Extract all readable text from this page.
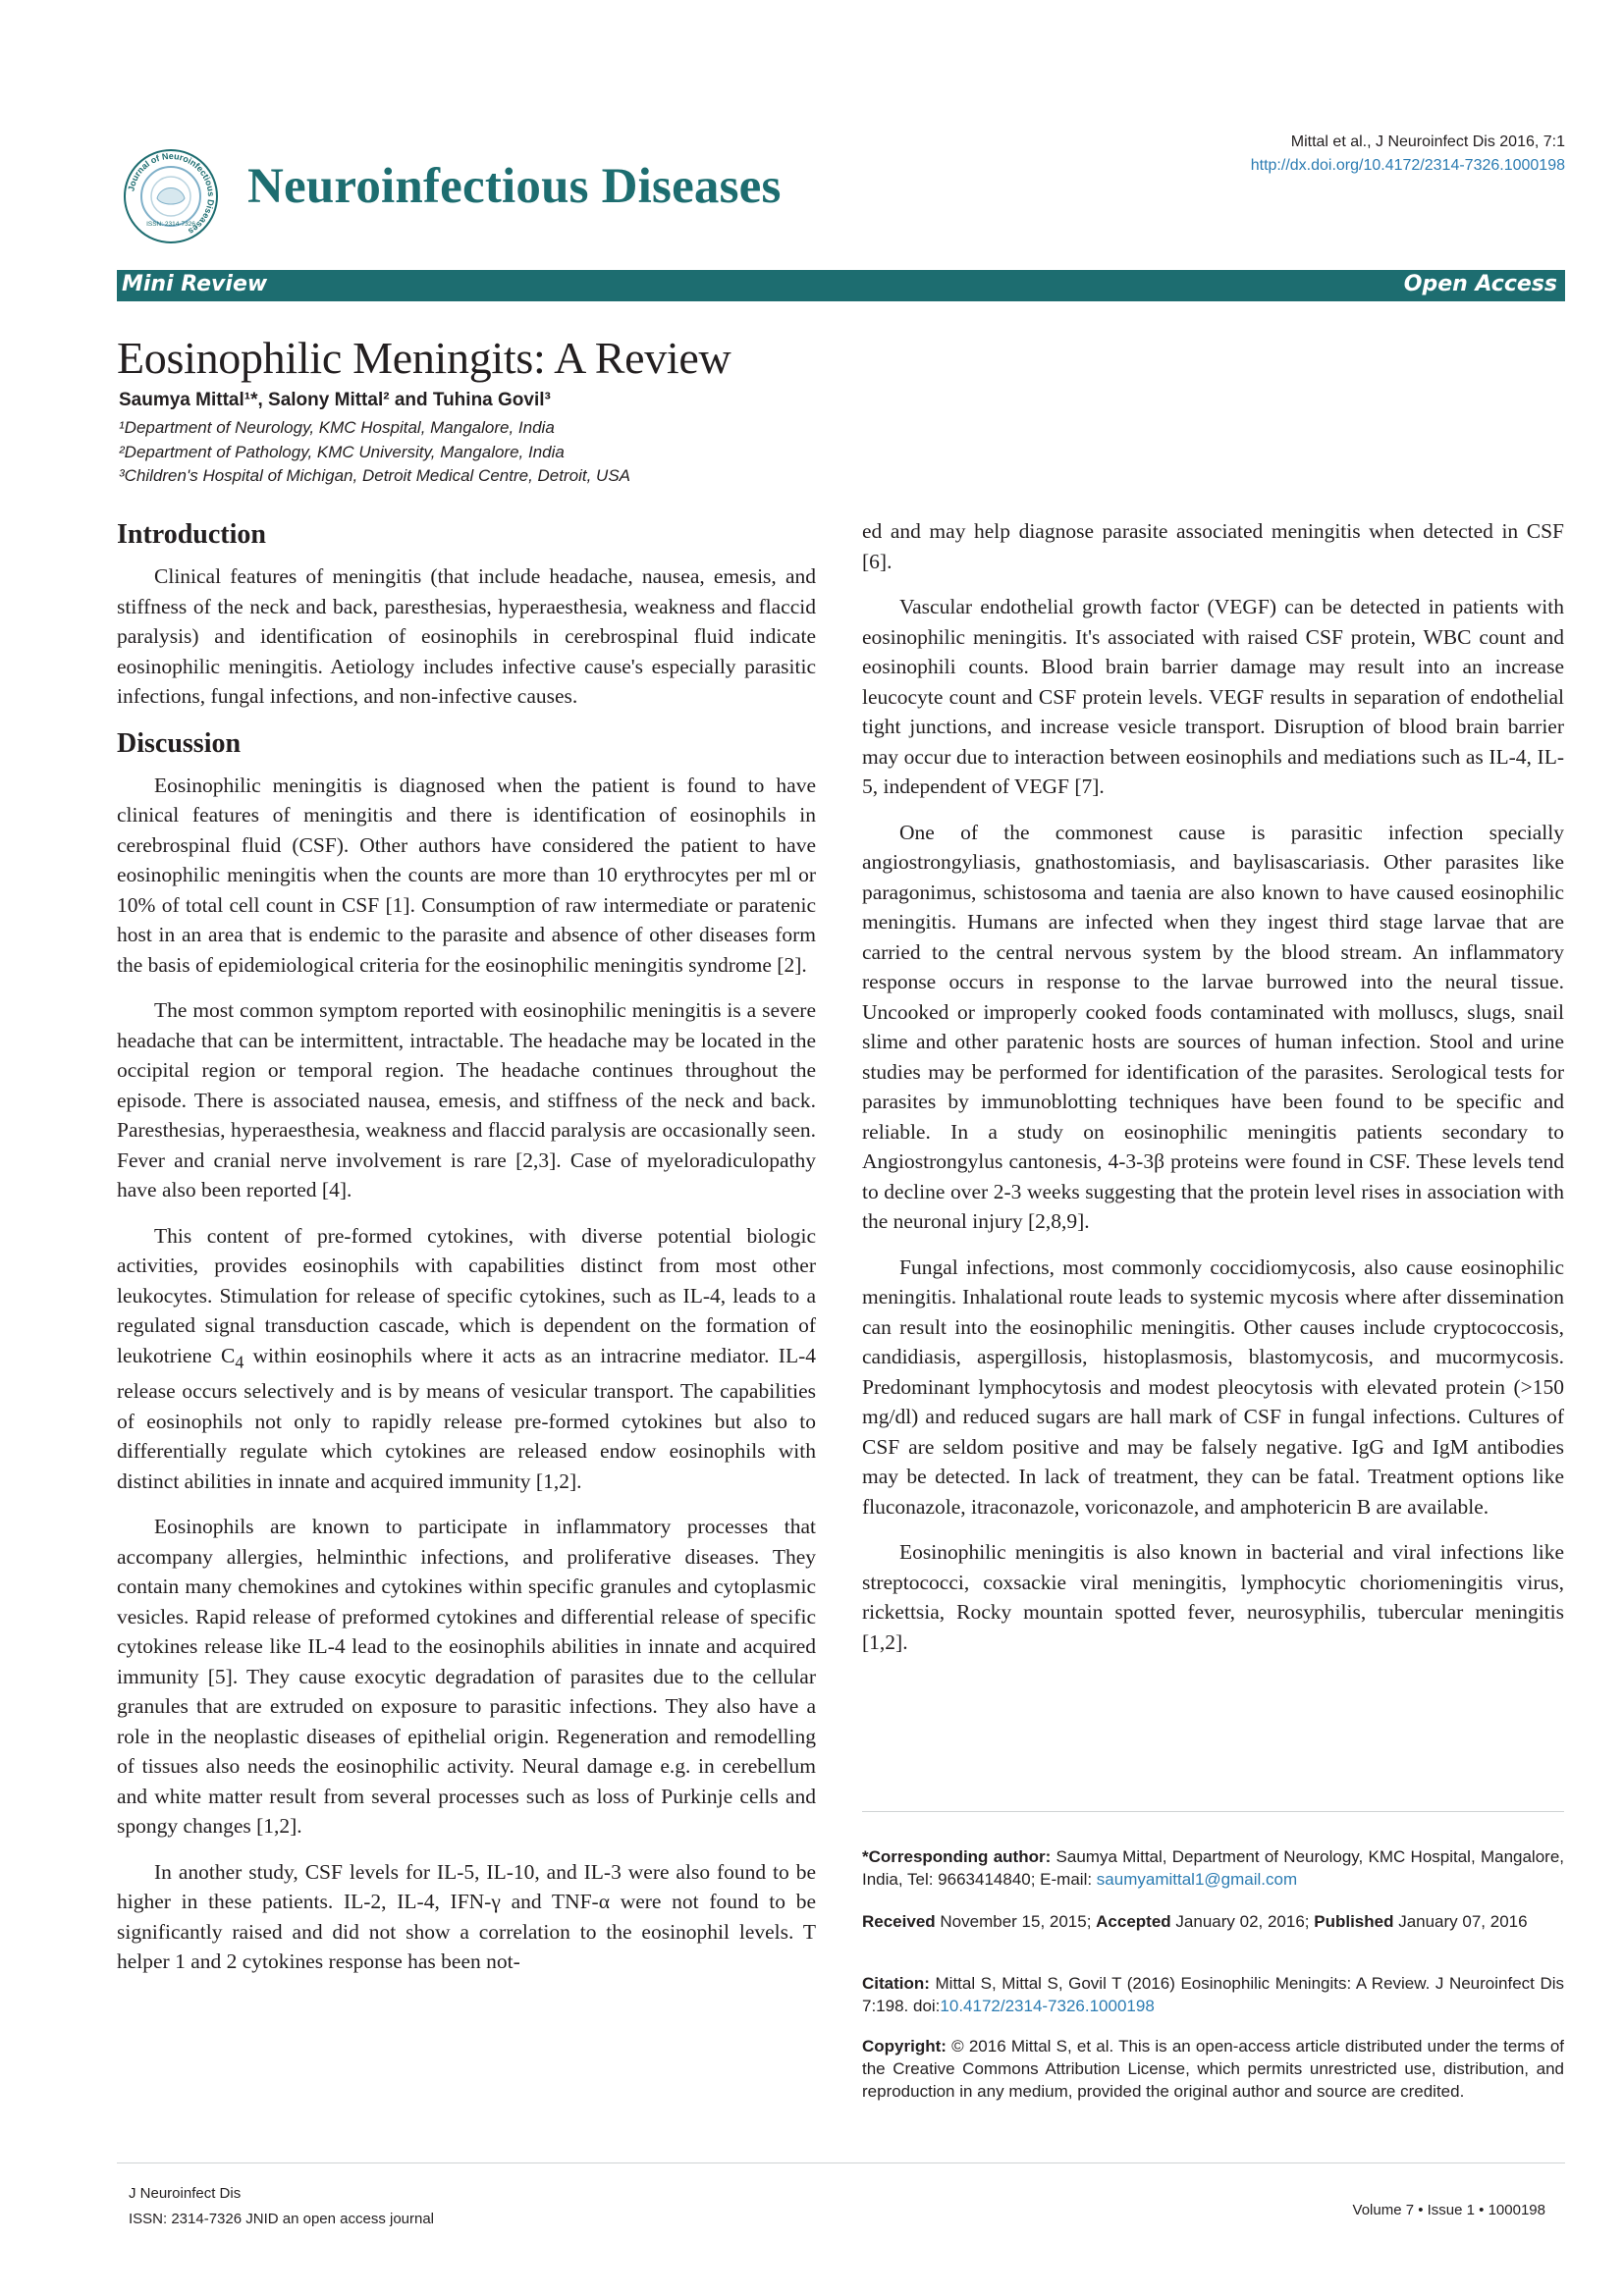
Journal of Neuroinfectious Diseases
ISSN: 2314-7326
Neuroinfectious Diseases
Mittal et al., J Neuroinfect Dis 2016, 7:1
http://dx.doi.org/10.4172/2314-7326.1000198
Mini Review	Open Access
Eosinophilic Meningits: A Review
Saumya Mittal¹*, Salony Mittal² and Tuhina Govil³
¹Department of Neurology, KMC Hospital, Mangalore, India
²Department of Pathology, KMC University, Mangalore, India
³Children's Hospital of Michigan, Detroit Medical Centre, Detroit, USA
Introduction

Clinical features of meningitis (that include headache, nausea, emesis, and stiffness of the neck and back, paresthesias, hyperaesthesia, weakness and flaccid paralysis) and identification of eosinophils in cerebrospinal fluid indicate eosinophilic meningitis. Aetiology includes infective cause's especially parasitic infections, fungal infections, and non-infective causes.

Discussion

Eosinophilic meningitis is diagnosed when the patient is found to have clinical features of meningitis and there is identification of eosinophils in cerebrospinal fluid (CSF). Other authors have considered the patient to have eosinophilic meningitis when the counts are more than 10 erythrocytes per ml or 10% of total cell count in CSF [1]. Consumption of raw intermediate or paratenic host in an area that is endemic to the parasite and absence of other diseases form the basis of epidemiological criteria for the eosinophilic meningitis syndrome [2].

The most common symptom reported with eosinophilic meningitis is a severe headache that can be intermittent, intractable. The headache may be located in the occipital region or temporal region. The headache continues throughout the episode. There is associated nausea, emesis, and stiffness of the neck and back. Paresthesias, hyperaesthesia, weakness and flaccid paralysis are occasionally seen. Fever and cranial nerve involvement is rare [2,3]. Case of myeloradiculopathy have also been reported [4].

This content of pre-formed cytokines, with diverse potential biologic activities, provides eosinophils with capabilities distinct from most other leukocytes. Stimulation for release of specific cytokines, such as IL-4, leads to a regulated signal transduction cascade, which is dependent on the formation of leukotriene $C_4$ within eosinophils where it acts as an intracrine mediator. IL-4 release occurs selectively and is by means of vesicular transport. The capabilities of eosinophils not only to rapidly release pre-formed cytokines but also to differentially regulate which cytokines are released endow eosinophils with distinct abilities in innate and acquired immunity [1,2].

Eosinophils are known to participate in inflammatory processes that accompany allergies, helminthic infections, and proliferative diseases. They contain many chemokines and cytokines within specific granules and cytoplasmic vesicles. Rapid release of preformed cytokines and differential release of specific cytokines release like IL-4 lead to the eosinophils abilities in innate and acquired immunity [5]. They cause exocytic degradation of parasites due to the cellular granules that are extruded on exposure to parasitic infections. They also have a role in the neoplastic diseases of epithelial origin. Regeneration and remodelling of tissues also needs the eosinophilic activity. Neural damage e.g. in cerebellum and white matter result from several processes such as loss of Purkinje cells and spongy changes [1,2].

In another study, CSF levels for IL-5, IL-10, and IL-3 were also found to be higher in these patients. IL-2, IL-4, IFN-γ and TNF-α were not found to be significantly raised and did not show a correlation to the eosinophil levels. T helper 1 and 2 cytokines response has been not-

ed and may help diagnose parasite associated meningitis when detected in CSF [6].

Vascular endothelial growth factor (VEGF) can be detected in patients with eosinophilic meningitis. It's associated with raised CSF protein, WBC count and eosinophili counts. Blood brain barrier damage may result into an increase leucocyte count and CSF protein levels. VEGF results in separation of endothelial tight junctions, and increase vesicle transport. Disruption of blood brain barrier may occur due to interaction between eosinophils and mediations such as IL-4, IL-5, independent of VEGF [7].

One of the commonest cause is parasitic infection specially angiostrongyliasis, gnathostomiasis, and baylisascariasis. Other parasites like paragonimus, schistosoma and taenia are also known to have caused eosinophilic meningitis. Humans are infected when they ingest third stage larvae that are carried to the central nervous system by the blood stream. An inflammatory response occurs in response to the larvae burrowed into the neural tissue. Uncooked or improperly cooked foods contaminated with molluscs, slugs, snail slime and other paratenic hosts are sources of human infection. Stool and urine studies may be performed for identification of the parasites. Serological tests for parasites by immunoblotting techniques have been found to be specific and reliable. In a study on eosinophilic meningitis patients secondary to Angiostrongylus cantonesis, 4-3-3β proteins were found in CSF. These levels tend to decline over 2-3 weeks suggesting that the protein level rises in association with the neuronal injury [2,8,9].

Fungal infections, most commonly coccidiomycosis, also cause eosinophilic meningitis. Inhalational route leads to systemic mycosis where after dissemination can result into the eosinophilic meningitis. Other causes include cryptococcosis, candidiasis, aspergillosis, histoplasmosis, blastomycosis, and mucormycosis. Predominant lymphocytosis and modest pleocytosis with elevated protein (>150 mg/dl) and reduced sugars are hall mark of CSF in fungal infections. Cultures of CSF are seldom positive and may be falsely negative. IgG and IgM antibodies may be detected. In lack of treatment, they can be fatal. Treatment options like fluconazole, itraconazole, voriconazole, and amphotericin B are available.

Eosinophilic meningitis is also known in bacterial and viral infections like streptococci, coxsackie viral meningitis, lymphocytic choriomeningitis virus, rickettsia, Rocky mountain spotted fever, neurosyphilis, tubercular meningitis [1,2].

*Corresponding author: Saumya Mittal, Department of Neurology, KMC Hospital, Mangalore, India, Tel: 9663414840; E-mail: saumyamittal1@gmail.com
Received November 15, 2015; Accepted January 02, 2016; Published January 07, 2016
Citation: Mittal S, Mittal S, Govil T (2016) Eosinophilic Meningits: A Review. J Neuroinfect Dis 7:198. doi:10.4172/2314-7326.1000198
Copyright: © 2016 Mittal S, et al. This is an open-access article distributed under the terms of the Creative Commons Attribution License, which permits unrestricted use, distribution, and reproduction in any medium, provided the original author and source are credited.
J Neuroinfect Dis
ISSN: 2314-7326 JNID an open access journal
Volume 7 • Issue 1 • 1000198
